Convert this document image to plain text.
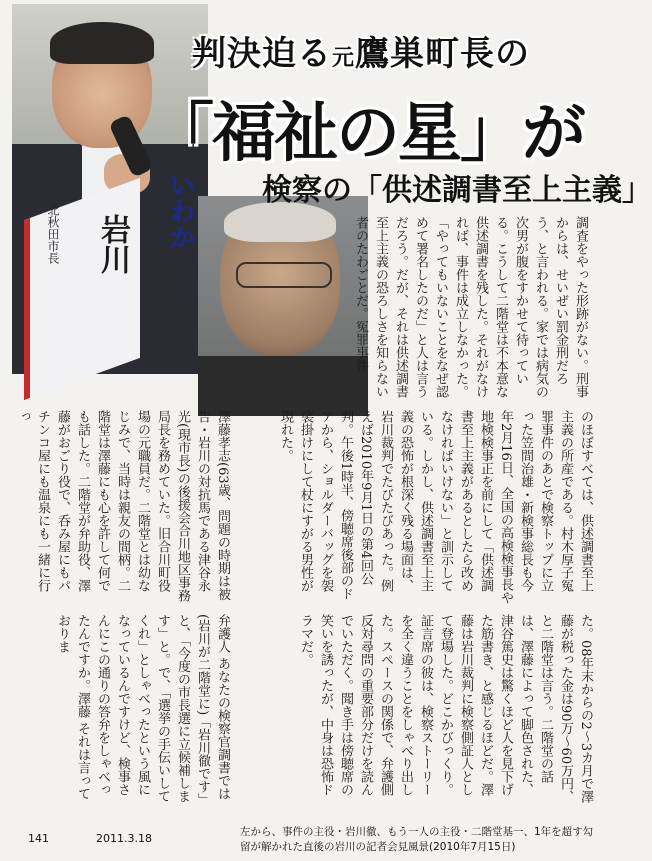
北秋田市長	岩川	いわか
判決迫る元鷹巣町長の
「福祉の星」が
検察の「供述調書至上主義」
調査をやった形跡がない。刑事からは、せいぜい罰金刑だろう、と言われる。家では病気の次男が腹をすかせて待っている。こうして二階堂は不本意な供述調書を残した。それがなければ、事件は成立しなかった。「やってもいないことをなぜ認めて署名したのだ」と人は言うだろう。だが、それは供述調書至上主義の恐ろしさを知らない者のたわごとだ。冤罪事件
のほぼすべては、供述調書至上主義の所産である。村木厚子冤罪事件のあとで検察トップに立った笠間治雄・新検事総長も今年2月16日、全国の高検検事長や地検検事正を前にして「供述調書至上主義があるとしたら改めなければいけない」と訓示している。しかし、供述調書至上主義の恐怖が根深く残る場面は、岩川裁判でたびたびあった。例えば2010年9月1日の第4回公判。午後1時半、傍聴席後部のドアから、ショルダーバッグを袈裟掛けにして杖にすがる男性が現れた。
た。08年末からの2～3カ月で澤藤が税った金は90万～60万円、と二階堂は言う。二階堂の話は、澤藤によって脚色された、津谷篤史は驚くほど人を見下げた筋書き、と感じるほどだ。澤藤は岩川裁判に検察側証人として登場した。どこかびっくり。証言席の彼は、検察ストーリーを全く違うことをしゃべり出した。スペースの関係で、弁護側反対尋問の重要部分だけを読んでいただく。聞き手は傍聴席の笑いを誘ったが、中身は恐怖ドラマだ。
澤藤孝志(63歳、問題の時期は被告・岩川の対抗馬である津谷永光(現市長)の後援会合川地区事務局長を務めていた。旧合川町役場の元職員だ。二階堂とは幼なじみで、当時は親友の間柄。二階堂は澤藤にも心を許して何でも話した。二階堂が弁助役、澤藤がおごり役で、呑み屋にもパチンコ屋にも温泉にも一緒に行っ
弁護人 あなたの検察官調書では(岩川が二階堂に)「岩川徹です」と、「今度の市長選に立候補します」と。で、「選挙の手伝いしてくれ」としゃべったという風になっているんですけど、検事さんにこの通りの答弁をしゃべったんですか。澤藤 それは言っておりま
141	2011.3.18	左から、事件の主役・岩川徹、もう一人の主役・二階堂基一、1年を超す勾留が解かれた直後の岩川の記者会見風景(2010年7月15日)
